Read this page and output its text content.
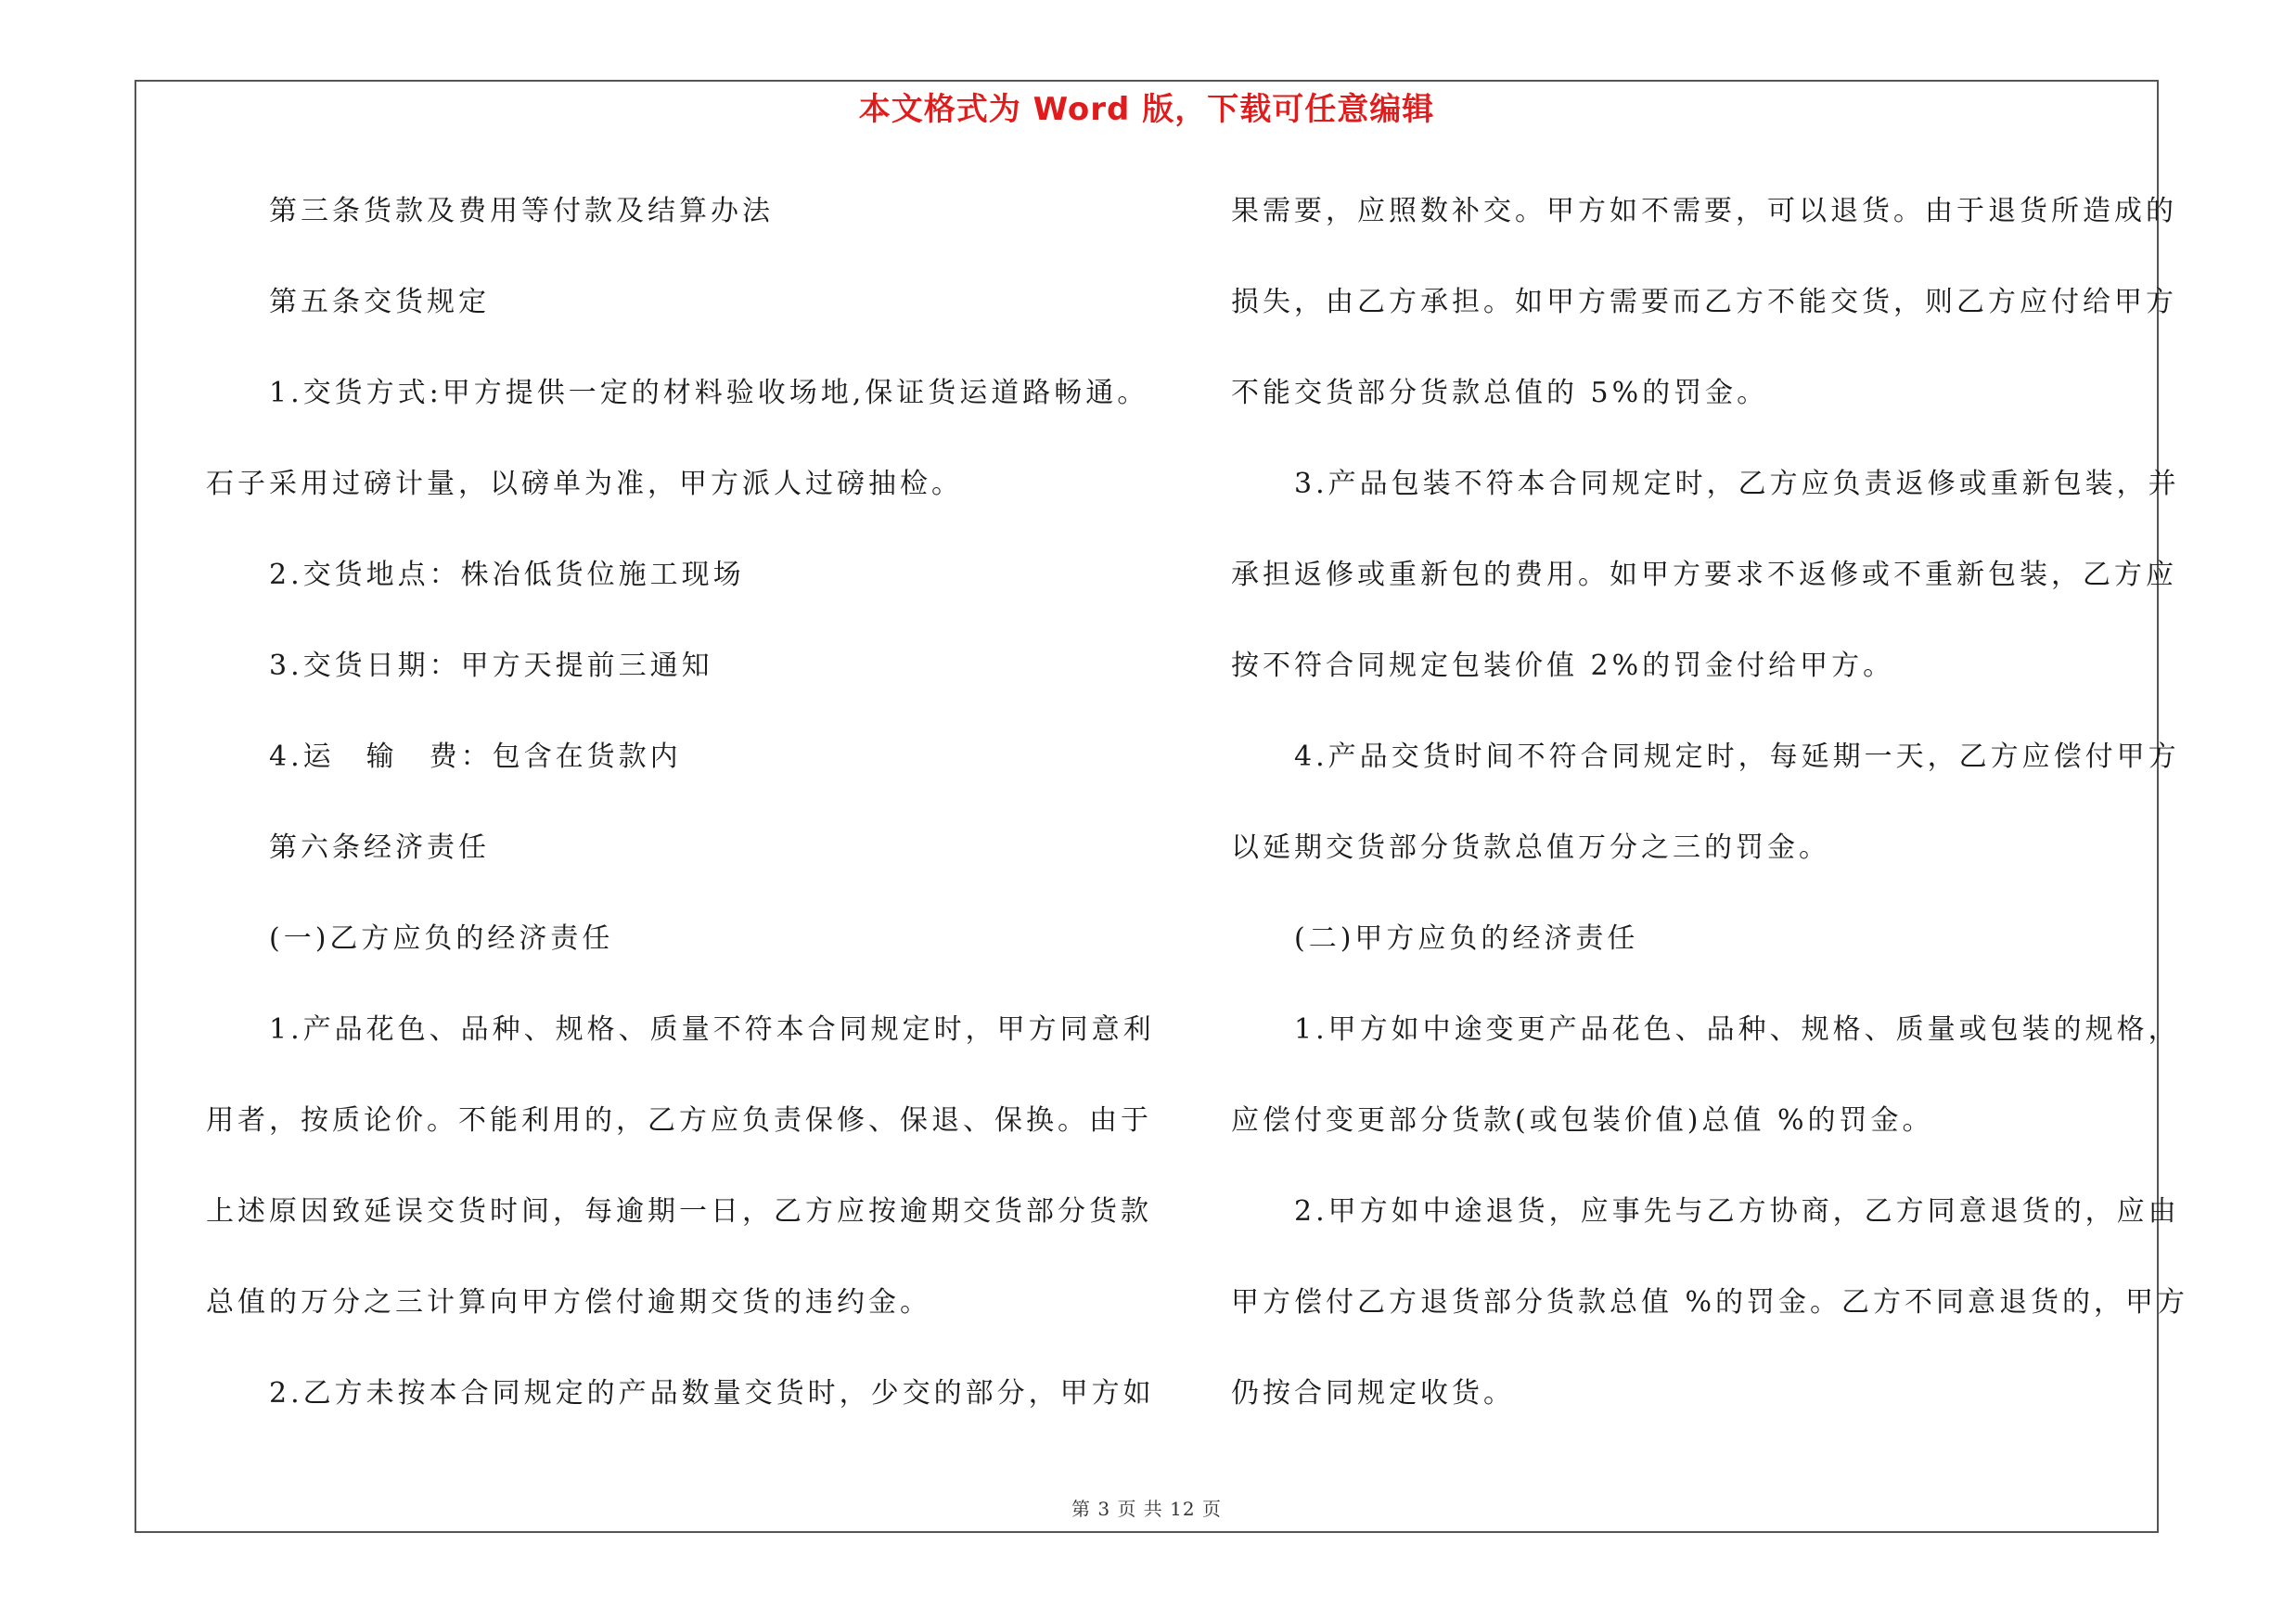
本文格式为 Word 版，下载可任意编辑
第三条货款及费用等付款及结算办法
第五条交货规定
1.交货方式:甲方提供一定的材料验收场地,保证货运道路畅通。
石子采用过磅计量，以磅单为准，甲方派人过磅抽检。
2.交货地点：株冶低货位施工现场
3.交货日期：甲方天提前三通知
4.运　输　费：包含在货款内
第六条经济责任
(一)乙方应负的经济责任
1.产品花色、品种、规格、质量不符本合同规定时，甲方同意利
用者，按质论价。不能利用的，乙方应负责保修、保退、保换。由于
上述原因致延误交货时间，每逾期一日，乙方应按逾期交货部分货款
总值的万分之三计算向甲方偿付逾期交货的违约金。
2.乙方未按本合同规定的产品数量交货时，少交的部分，甲方如
果需要，应照数补交。甲方如不需要，可以退货。由于退货所造成的
损失，由乙方承担。如甲方需要而乙方不能交货，则乙方应付给甲方
不能交货部分货款总值的 5%的罚金。
3.产品包装不符本合同规定时，乙方应负责返修或重新包装，并
承担返修或重新包的费用。如甲方要求不返修或不重新包装，乙方应
按不符合同规定包装价值 2%的罚金付给甲方。
4.产品交货时间不符合同规定时，每延期一天，乙方应偿付甲方
以延期交货部分货款总值万分之三的罚金。
(二)甲方应负的经济责任
1.甲方如中途变更产品花色、品种、规格、质量或包装的规格，
应偿付变更部分货款(或包装价值)总值 %的罚金。
2.甲方如中途退货，应事先与乙方协商，乙方同意退货的，应由
甲方偿付乙方退货部分货款总值 %的罚金。乙方不同意退货的，甲方
仍按合同规定收货。
第 3 页 共 12 页
